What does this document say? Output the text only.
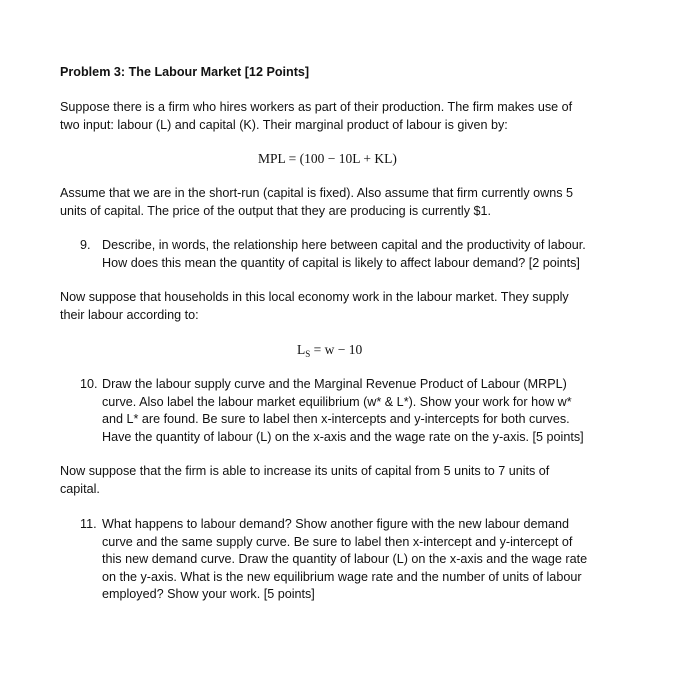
Problem 3: The Labour Market [12 Points]
Suppose there is a firm who hires workers as part of their production. The firm makes use of
two input: labour (L) and capital (K). Their marginal product of labour is given by:
MPL = (100 − 10L + KL)
Assume that we are in the short-run (capital is fixed). Also assume that firm currently owns 5
units of capital. The price of the output that they are producing is currently $1.
9. Describe, in words, the relationship here between capital and the productivity of labour.
How does this mean the quantity of capital is likely to affect labour demand? [2 points]
Now suppose that households in this local economy work in the labour market. They supply
their labour according to:
$L_S = w - 10$
10. Draw the labour supply curve and the Marginal Revenue Product of Labour (MRPL)
curve. Also label the labour market equilibrium (w* & L*). Show your work for how w*
and L* are found. Be sure to label then x-intercepts and y-intercepts for both curves.
Have the quantity of labour (L) on the x-axis and the wage rate on the y-axis. [5 points]
Now suppose that the firm is able to increase its units of capital from 5 units to 7 units of
capital.
11. What happens to labour demand? Show another figure with the new labour demand
curve and the same supply curve. Be sure to label then x-intercept and y-intercept of
this new demand curve. Draw the quantity of labour (L) on the x-axis and the wage rate
on the y-axis. What is the new equilibrium wage rate and the number of units of labour
employed? Show your work. [5 points]
